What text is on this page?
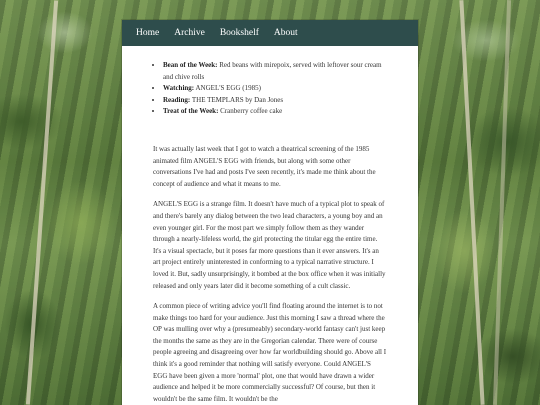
Home Archive Bookshelf About
• Bean of the Week: Red beans with mirepoix, served with leftover sour cream and chive rolls
• Watching: ANGEL'S EGG (1985)
• Reading: THE TEMPLARS by Dan Jones
• Treat of the Week: Cranberry coffee cake

It was actually last week that I got to watch a theatrical screening of the 1985 animated film ANGEL'S EGG with friends, but along with some other conversations I've had and posts I've seen recently, it's made me think about the concept of audience and what it means to me.

ANGEL'S EGG is a strange film. It doesn't have much of a typical plot to speak of and there's barely any dialog between the two lead characters, a young boy and an even younger girl. For the most part we simply follow them as they wander through a nearly-lifeless world, the girl protecting the titular egg the entire time. It's a visual spectacle, but it poses far more questions than it ever answers. It's an art project entirely uninterested in conforming to a typical narrative structure. I loved it. But, sadly unsurprisingly, it bombed at the box office when it was initially released and only years later did it become something of a cult classic.

A common piece of writing advice you'll find floating around the internet is to not make things too hard for your audience. Just this morning I saw a thread where the OP was mulling over why a (presumeably) secondary-world fantasy can't just keep the months the same as they are in the Gregorian calendar. There were of course people agreeing and disagreeing over how far worldbuilding should go. Above all I think it's a good reminder that nothing will satisfy everyone. Could ANGEL'S EGG have been given a more 'normal' plot, one that would have drawn a wider audience and helped it be more commercially successful? Of course, but then it wouldn't be the same film. It wouldn't be the
